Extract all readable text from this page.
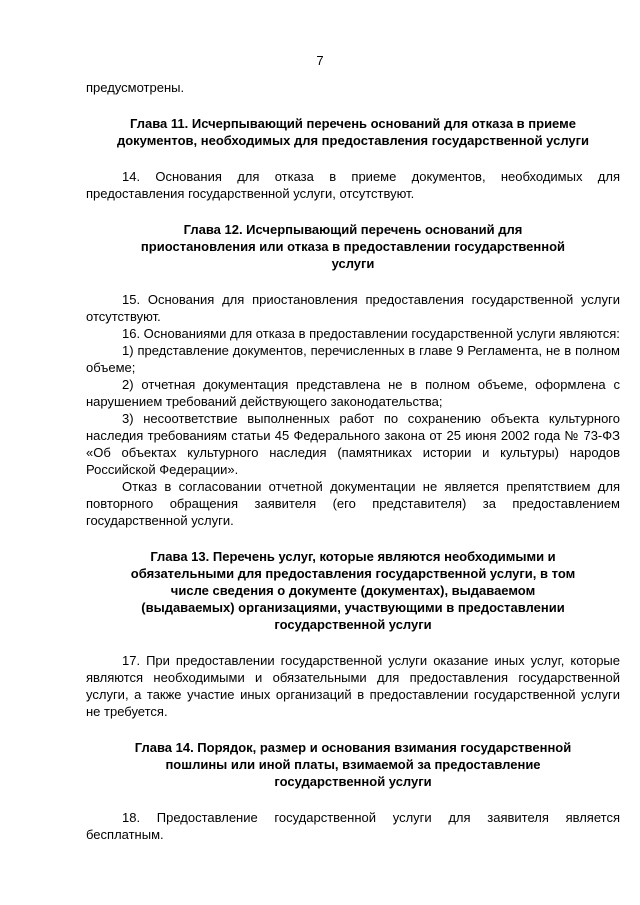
7

предусмотрены.

Глава 11. Исчерпывающий перечень оснований для отказа в приеме документов, необходимых для предоставления государственной услуги

14. Основания для отказа в приеме документов, необходимых для предоставления государственной услуги, отсутствуют.

Глава 12. Исчерпывающий перечень оснований для приостановления или отказа в предоставлении государственной услуги

15. Основания для приостановления предоставления государственной услуги отсутствуют.

16. Основаниями для отказа в предоставлении государственной услуги являются:

1) представление документов, перечисленных в главе 9 Регламента, не в полном объеме;

2) отчетная документация представлена не в полном объеме, оформлена с нарушением требований действующего законодательства;

3) несоответствие выполненных работ по сохранению объекта культурного наследия требованиям статьи 45 Федерального закона от 25 июня 2002 года № 73-ФЗ «Об объектах культурного наследия (памятниках истории и культуры) народов Российской Федерации».

Отказ в согласовании отчетной документации не является препятствием для повторного обращения заявителя (его представителя) за предоставлением государственной услуги.

Глава 13. Перечень услуг, которые являются необходимыми и обязательными для предоставления государственной услуги, в том числе сведения о документе (документах), выдаваемом (выдаваемых) организациями, участвующими в предоставлении государственной услуги

17. При предоставлении государственной услуги оказание иных услуг, которые являются необходимыми и обязательными для предоставления государственной услуги, а также участие иных организаций в предоставлении государственной услуги не требуется.

Глава 14. Порядок, размер и основания взимания государственной пошлины или иной платы, взимаемой за предоставление государственной услуги

18. Предоставление государственной услуги для заявителя является бесплатным.
